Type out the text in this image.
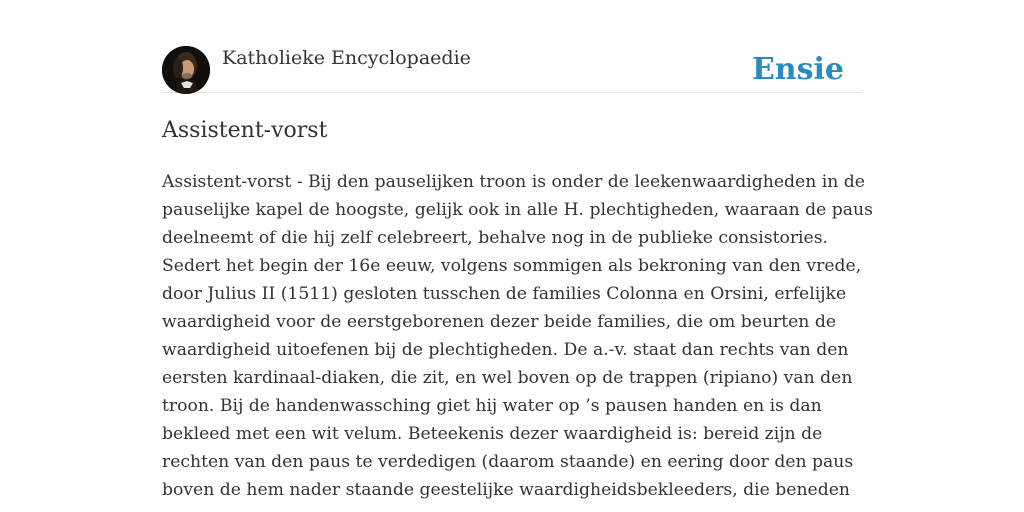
Katholieke Encyclopaedie	Ensie
Assistent-vorst
Assistent-vorst - Bij den pauselijken troon is onder de leekenwaardigheden in de
pauselijke kapel de hoogste, gelijk ook in alle H. plechtigheden, waaraan de paus
deelneemt of die hij zelf celebreert, behalve nog in de publieke consistories.
Sedert het begin der 16e eeuw, volgens sommigen als bekroning van den vrede,
door Julius II (1511) gesloten tusschen de families Colonna en Orsini, erfelijke
waardigheid voor de eerstgeborenen dezer beide families, die om beurten de
waardigheid uitoefenen bij de plechtigheden. De a.-v. staat dan rechts van den
eersten kardinaal-diaken, die zit, en wel boven op de trappen (ripiano) van den
troon. Bij de handenwassching giet hij water op ’s pausen handen en is dan
bekleed met een wit velum. Beteekenis dezer waardigheid is: bereid zijn de
rechten van den paus te verdedigen (daarom staande) en eering door den paus
boven de hem nader staande geestelijke waardigheidsbekleeders, die beneden
